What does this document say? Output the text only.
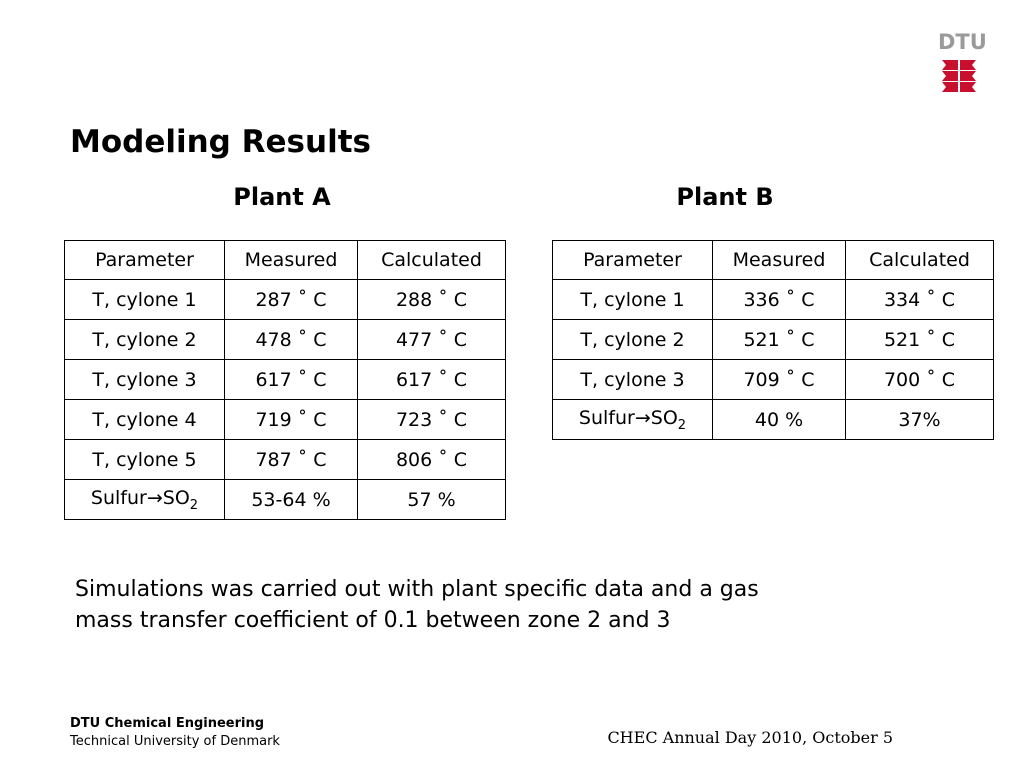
DTU
Modeling Results
Plant A	Plant B
Parameter	Measured	Calculated
T, cylone 1	287 ˚ C	288 ˚ C
T, cylone 2	478 ˚ C	477 ˚ C
T, cylone 3	617 ˚ C	617 ˚ C
T, cylone 4	719 ˚ C	723 ˚ C
T, cylone 5	787 ˚ C	806 ˚ C
$Sulfur\to SO_2$	53-64 %	57 %
Parameter	Measured	Calculated
T, cylone 1	336 ˚ C	334 ˚ C
T, cylone 2	521 ˚ C	521 ˚ C
T, cylone 3	709 ˚ C	700 ˚ C
$Sulfur\to SO_2$	40 %	37%

Simulations was carried out with plant specific data and a gas mass transfer coefficient of 0.1 between zone 2 and 3

DTU Chemical Engineering
Technical University of Denmark	CHEC Annual Day 2010, October 5
